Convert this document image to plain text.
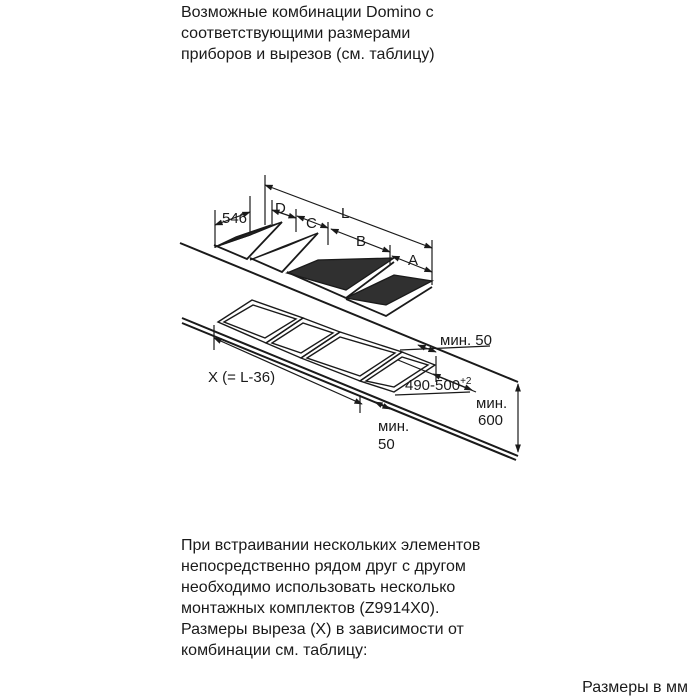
Возможные комбинации Domino с
соответствующими размерами
приборов и вырезов (см. таблицу)

546
D
C
L
B
A
мин. 50
X (= L-36)	$490-500^{+2}$
мин.
600
мин.
50

При встраивании нескольких элементов
непосредственно рядом друг с другом
необходимо использовать несколько
монтажных комплектов (Z9914X0).

Размеры выреза (X) в зависимости от
комбинации см. таблицу:

Размеры в мм
